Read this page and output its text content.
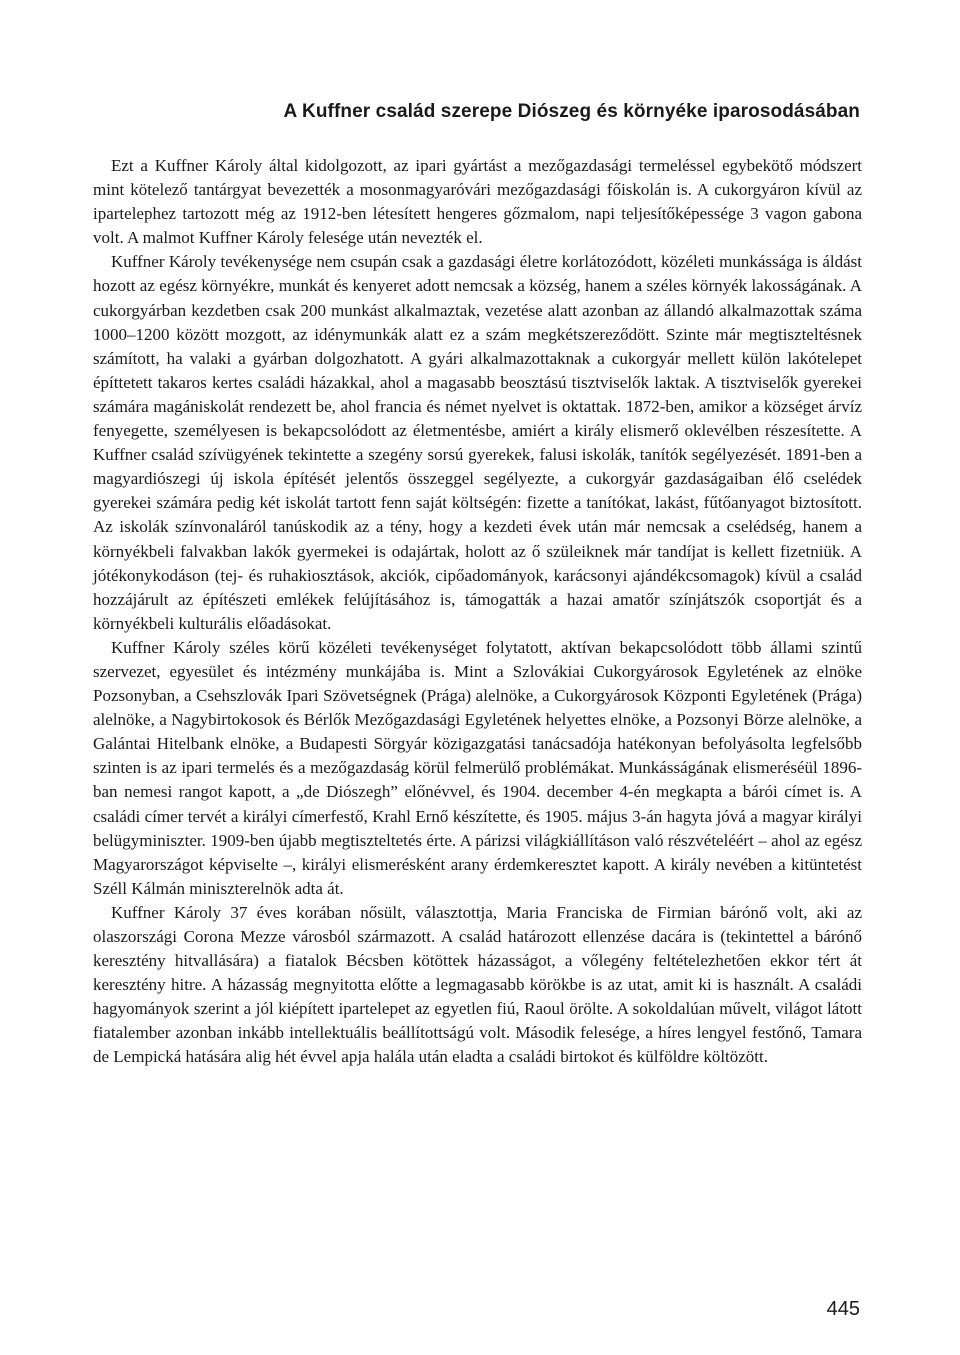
A Kuffner család szerepe Diószeg és környéke iparosodásában

Ezt a Kuffner Károly által kidolgozott, az ipari gyártást a mezőgazdasági termeléssel egybekötő módszert mint kötelező tantárgyat bevezették a mosonmagyaróvári mezőgazdasági főiskolán is. A cukorgyáron kívül az ipartelephez tartozott még az 1912-ben létesített hengeres gőzmalom, napi teljesítőképessége 3 vagon gabona volt. A malmot Kuffner Károly felesége után nevezték el.

Kuffner Károly tevékenysége nem csupán csak a gazdasági életre korlátozódott, közéleti munkássága is áldást hozott az egész környékre, munkát és kenyeret adott nemcsak a község, hanem a széles környék lakosságának. A cukorgyárban kezdetben csak 200 munkást alkalmaztak, vezetése alatt azonban az állandó alkalmazottak száma 1000–1200 között mozgott, az idénymunkák alatt ez a szám megkétszereződött. Szinte már megtiszteltésnek számított, ha valaki a gyárban dolgozhatott. A gyári alkalmazottaknak a cukorgyár mellett külön lakótelepet építtetett takaros kertes családi házakkal, ahol a magasabb beosztású tisztviselők laktak. A tisztviselők gyerekei számára magániskolát rendezett be, ahol francia és német nyelvet is oktattak. 1872-ben, amikor a községet árvíz fenyegette, személyesen is bekapcsolódott az életmentésbe, amiért a király elismerő oklevélben részesítette. A Kuffner család szívügyének tekintette a szegény sorsú gyerekek, falusi iskolák, tanítók segélyezését. 1891-ben a magyardiószegi új iskola építését jelentős összeggel segélyezte, a cukorgyár gazdaságaiban élő cselédek gyerekei számára pedig két iskolát tartott fenn saját költségén: fizette a tanítókat, lakást, fűtőanyagot biztosított. Az iskolák színvonaláról tanúskodik az a tény, hogy a kezdeti évek után már nemcsak a cselédség, hanem a környékbeli falvakban lakók gyermekei is odajártak, holott az ő szüleiknek már tandíjat is kellett fizetniük. A jótékonykodáson (tej- és ruhakiosztások, akciók, cipőadományok, karácsonyi ajándékcsomagok) kívül a család hozzájárult az építészeti emlékek felújításához is, támogatták a hazai amatőr színjátszók csoportját és a környékbeli kulturális előadásokat.

Kuffner Károly széles körű közéleti tevékenységet folytatott, aktívan bekapcsolódott több állami szintű szervezet, egyesület és intézmény munkájába is. Mint a Szlovákiai Cukorgyárosok Egyletének az elnöke Pozsonyban, a Csehszlovák Ipari Szövetségnek (Prága) alelnöke, a Cukorgyárosok Központi Egyletének (Prága) alelnöke, a Nagybirtokosok és Bérlők Mezőgazdasági Egyletének helyettes elnöke, a Pozsonyi Börze alelnöke, a Galántai Hitelbank elnöke, a Budapesti Sörgyár közigazgatási tanácsadója hatékonyan befolyásolta legfelsőbb szinten is az ipari termelés és a mezőgazdaság körül felmerülő problémákat. Munkásságának elismeréséül 1896-ban nemesi rangot kapott, a „de Diószegh” előnévvel, és 1904. december 4-én megkapta a bárói címet is. A családi címer tervét a királyi címerfestő, Krahl Ernő készítette, és 1905. május 3-án hagyta jóvá a magyar királyi belügyminiszter. 1909-ben újabb megtiszteltetés érte. A párizsi világkiállításon való részvételéért – ahol az egész Magyarországot képviselte –, királyi elismerésként arany érdemkeresztet kapott. A király nevében a kitüntetést Széll Kálmán miniszterelnök adta át.

Kuffner Károly 37 éves korában nősült, választottja, Maria Franciska de Firmian bárónő volt, aki az olaszországi Corona Mezze városból származott. A család határozott ellenzése dacára is (tekintettel a bárónő keresztény hitvallására) a fiatalok Bécsben kötöttek házasságot, a vőlegény feltételezhetően ekkor tért át keresztény hitre. A házasság megnyitotta előtte a legmagasabb körökbe is az utat, amit ki is használt. A családi hagyományok szerint a jól kiépített ipartelepet az egyetlen fiú, Raoul örölte. A sokoldalúan művelt, világot látott fiatalember azonban inkább intellektuális beállítottságú volt. Második felesége, a híres lengyel festőnő, Tamara de Lempická hatására alig hét évvel apja halála után eladta a családi birtokot és külföldre költözött.

445
